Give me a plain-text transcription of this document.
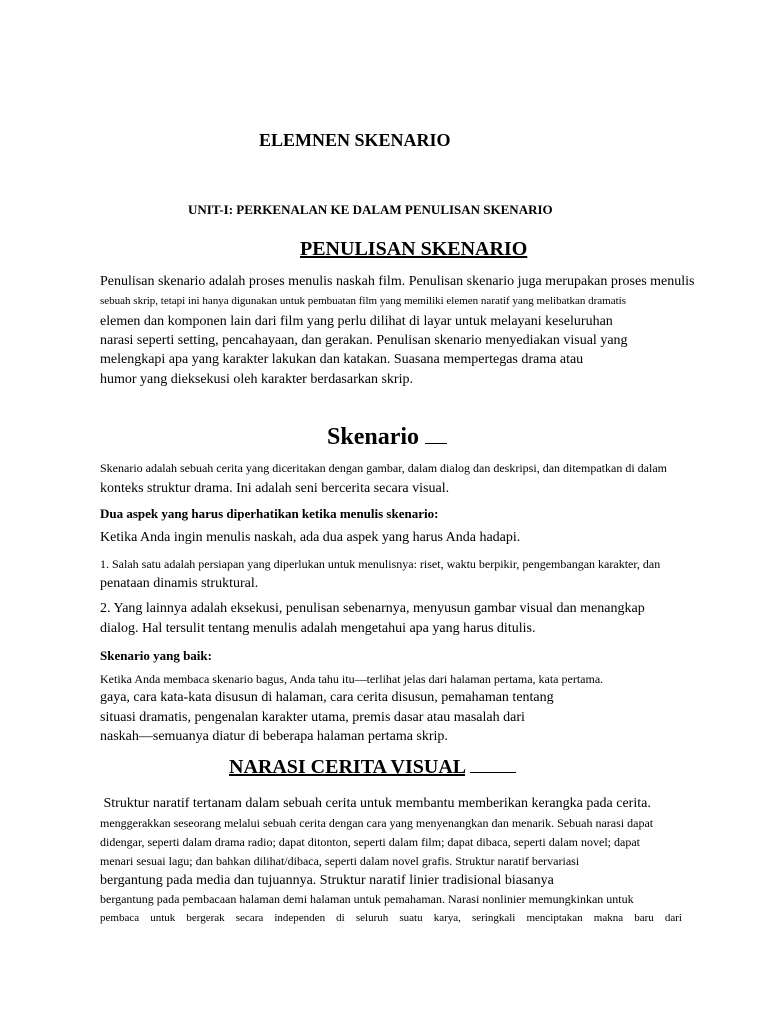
ELEMNEN SKENARIO
UNIT-I: PERKENALAN KE DALAM PENULISAN SKENARIO
PENULISAN SKENARIO
Penulisan skenario adalah proses menulis naskah film. Penulisan skenario juga merupakan proses menulis
sebuah skrip, tetapi ini hanya digunakan untuk pembuatan film yang memiliki elemen naratif yang melibatkan dramatis
elemen dan komponen lain dari film yang perlu dilihat di layar untuk melayani keseluruhan
narasi seperti setting, pencahayaan, dan gerakan. Penulisan skenario menyediakan visual yang
melengkapi apa yang karakter lakukan dan katakan. Suasana mempertegas drama atau
humor yang dieksekusi oleh karakter berdasarkan skrip.
Skenario
Skenario adalah sebuah cerita yang diceritakan dengan gambar, dalam dialog dan deskripsi, dan ditempatkan di dalam
konteks struktur drama. Ini adalah seni bercerita secara visual.
Dua aspek yang harus diperhatikan ketika menulis skenario:
Ketika Anda ingin menulis naskah, ada dua aspek yang harus Anda hadapi.
1. Salah satu adalah persiapan yang diperlukan untuk menulisnya: riset, waktu berpikir, pengembangan karakter, dan
penataan dinamis struktural.
2. Yang lainnya adalah eksekusi, penulisan sebenarnya, menyusun gambar visual dan menangkap
dialog. Hal tersulit tentang menulis adalah mengetahui apa yang harus ditulis.
Skenario yang baik:
Ketika Anda membaca skenario bagus, Anda tahu itu—terlihat jelas dari halaman pertama, kata pertama.
gaya, cara kata-kata disusun di halaman, cara cerita disusun, pemahaman tentang
situasi dramatis, pengenalan karakter utama, premis dasar atau masalah dari
naskah—semuanya diatur di beberapa halaman pertama skrip.
NARASI CERITA VISUAL
Struktur naratif tertanam dalam sebuah cerita untuk membantu memberikan kerangka pada cerita.
menggerakkan seseorang melalui sebuah cerita dengan cara yang menyenangkan dan menarik. Sebuah narasi dapat
didengar, seperti dalam drama radio; dapat ditonton, seperti dalam film; dapat dibaca, seperti dalam novel; dapat
menari sesuai lagu; dan bahkan dilihat/dibaca, seperti dalam novel grafis. Struktur naratif bervariasi
bergantung pada media dan tujuannya. Struktur naratif linier tradisional biasanya
bergantung pada pembacaan halaman demi halaman untuk pemahaman. Narasi nonlinier memungkinkan untuk
pembaca untuk bergerak secara independen di seluruh suatu karya, seringkali menciptakan makna baru dari
